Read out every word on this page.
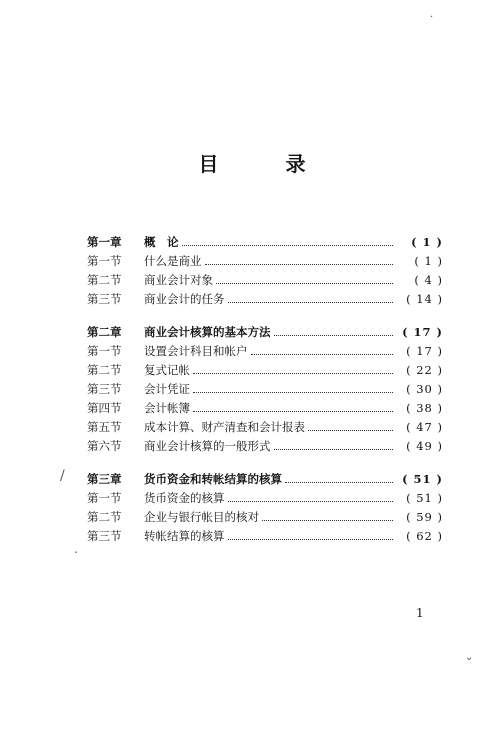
目 录
第一章 概　论	( 1 )
第一节 什么是商业	( 1 )
第二节 商业会计对象	( 4 )
第三节 商业会计的任务	( 14 )
第二章 商业会计核算的基本方法	( 17 )
第一节 设置会计科目和帐户	( 17 )
第二节 复式记帐	( 22 )
第三节 会计凭证	( 30 )
第四节 会计帐簿	( 38 )
第五节 成本计算、财产清查和会计报表	( 47 )
第六节 商业会计核算的一般形式	( 49 )
第三章 货币资金和转帐结算的核算	( 51 )
第一节 货币资金的核算	( 51 )
第二节 企业与银行帐目的核对	( 59 )
第三节 转帐结算的核算	( 62 )
1
·
/
.
⌄
